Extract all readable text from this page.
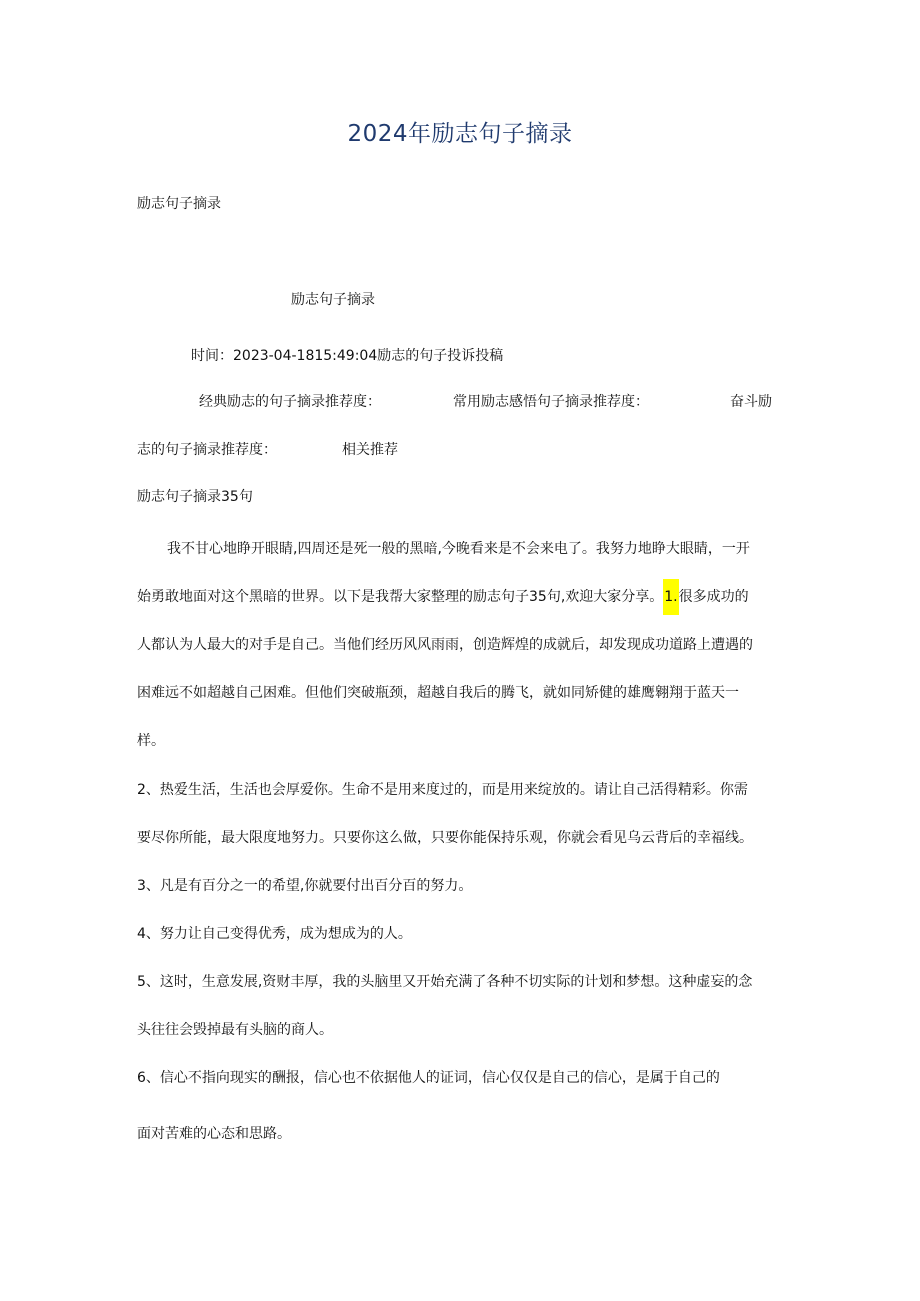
2024年励志句子摘录
励志句子摘录
励志句子摘录
时间：2023-04-1815:49:04励志的句子投诉投稿
经典励志的句子摘录推荐度：	常用励志感悟句子摘录推荐度：	奋斗励
志的句子摘录推荐度：	相关推荐
励志句子摘录35句
我不甘心地睁开眼睛,四周还是死一般的黑暗,今晚看来是不会来电了。我努力地睁大眼睛，一开
始勇敢地面对这个黑暗的世界。以下是我帮大家整理的励志句子35句,欢迎大家分享。1.很多成功的
人都认为人最大的对手是自己。当他们经历风风雨雨，创造辉煌的成就后，却发现成功道路上遭遇的
困难远不如超越自己困难。但他们突破瓶颈，超越自我后的腾飞，就如同矫健的雄鹰翱翔于蓝天一
样。
2、热爱生活，生活也会厚爱你。生命不是用来度过的，而是用来绽放的。请让自己活得精彩。你需
要尽你所能，最大限度地努力。只要你这么做，只要你能保持乐观，你就会看见乌云背后的幸福线。
3、凡是有百分之一的希望,你就要付出百分百的努力。
4、努力让自己变得优秀，成为想成为的人。
5、这时，生意发展,资财丰厚，我的头脑里又开始充满了各种不切实际的计划和梦想。这种虚妄的念
头往往会毁掉最有头脑的商人。
6、信心不指向现实的酬报，信心也不依据他人的证词，信心仅仅是自己的信心，是属于自己的
面对苦难的心态和思路。
